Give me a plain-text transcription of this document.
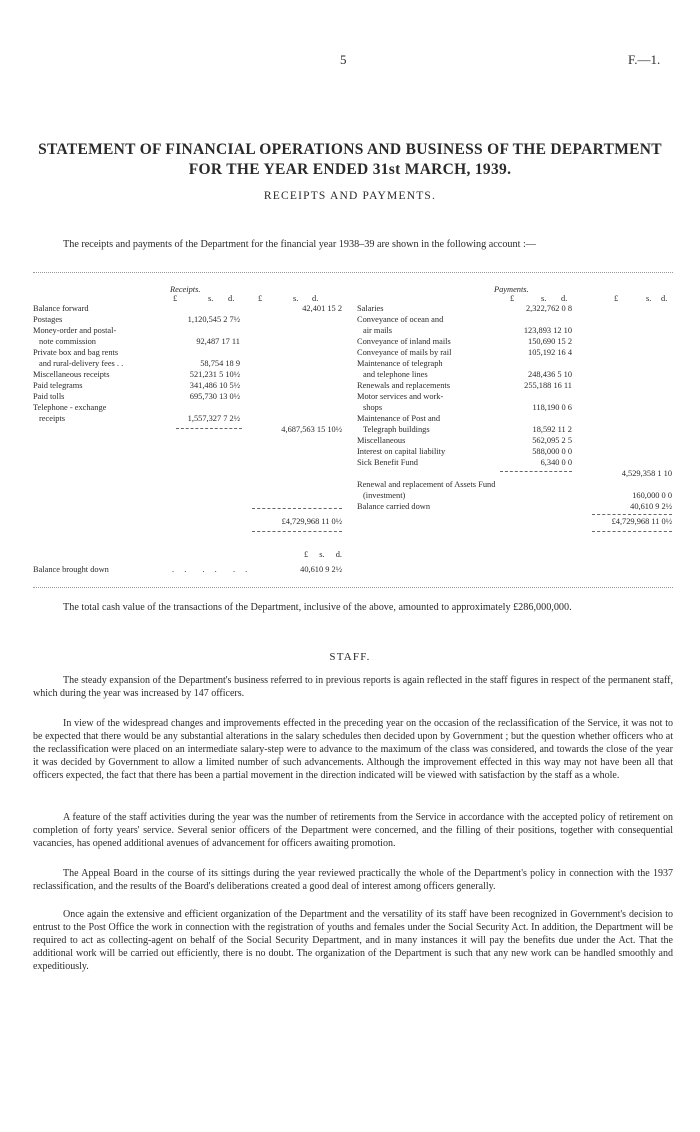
5	F.—1.
STATEMENT OF FINANCIAL OPERATIONS AND BUSINESS OF THE DEPARTMENT
FOR THE YEAR ENDED 31st MARCH, 1939.
RECEIPTS AND PAYMENTS.
The receipts and payments of the Department for the financial year 1938–39 are shown in the following account :—
Receipts.
£	s. d.	£	s. d.
Balance forward	42,401 15 2
Postages	1,120,545 2 7½
Money-order and postal-
note commission	92,487 17 11
Private box and bag rents
and rural-delivery fees . .	58,754 18 9
Miscellaneous receipts	521,231 5 10½
Paid telegrams	341,486 10 5½
Paid tolls	695,730 13 0½
Telephone - exchange
receipts	1,557,327 7 2½
4,687,563 15 10½
£4,729,968 11 0½
Payments.
£	s. d.	£	s. d.
Salaries	2,322,762 0 8
Conveyance of ocean and
air mails	123,893 12 10
Conveyance of inland mails	150,690 15 2
Conveyance of mails by rail	105,192 16 4
Maintenance of telegraph
and telephone lines	248,436 5 10
Renewals and replacements	255,188 16 11
Motor services and work-
shops	118,190 0 6
Maintenance of Post and
Telegraph buildings	18,592 11 2
Miscellaneous	562,095 2 5
Interest on capital liability	588,000 0 0
Sick Benefit Fund	6,340 0 0
4,529,358 1 10
Renewal and replacement of Assets Fund
(investment)	160,000 0 0
Balance carried down	40,610 9 2½
£4,729,968 11 0½
£ s. d.
Balance brought down	. .  . .  . .	40,610 9 2½
The total cash value of the transactions of the Department, inclusive of the above, amounted to approximately £286,000,000.
STAFF.
The steady expansion of the Department's business referred to in previous reports is again reflected in the staff figures in respect of the permanent staff, which during the year was increased by 147 officers.
In view of the widespread changes and improvements effected in the preceding year on the occasion of the reclassification of the Service, it was not to be expected that there would be any substantial alterations in the salary schedules then decided upon by Government ; but the question whether officers who at the reclassification were placed on an intermediate salary-step were to advance to the maximum of the class was considered, and towards the close of the year it was decided by Government to allow a limited number of such advancements. Although the improvement effected in this way may not have been all that officers expected, the fact that there has been a partial movement in the direction indicated will be viewed with satisfaction by the staff as a whole.
A feature of the staff activities during the year was the number of retirements from the Service in accordance with the accepted policy of retirement on completion of forty years' service. Several senior officers of the Department were concerned, and the filling of their positions, together with consequential vacancies, has opened additional avenues of advancement for officers awaiting promotion.
The Appeal Board in the course of its sittings during the year reviewed practically the whole of the Department's policy in connection with the 1937 reclassification, and the results of the Board's deliberations created a good deal of interest among officers generally.
Once again the extensive and efficient organization of the Department and the versatility of its staff have been recognized in Government's decision to entrust to the Post Office the work in connection with the registration of youths and females under the Social Security Act. In addition, the Department will be required to act as collecting-agent on behalf of the Social Security Department, and in many instances it will pay the benefits due under the Act. That the additional work will be carried out efficiently, there is no doubt. The organization of the Department is such that any new work can be handled smoothly and expeditiously.
